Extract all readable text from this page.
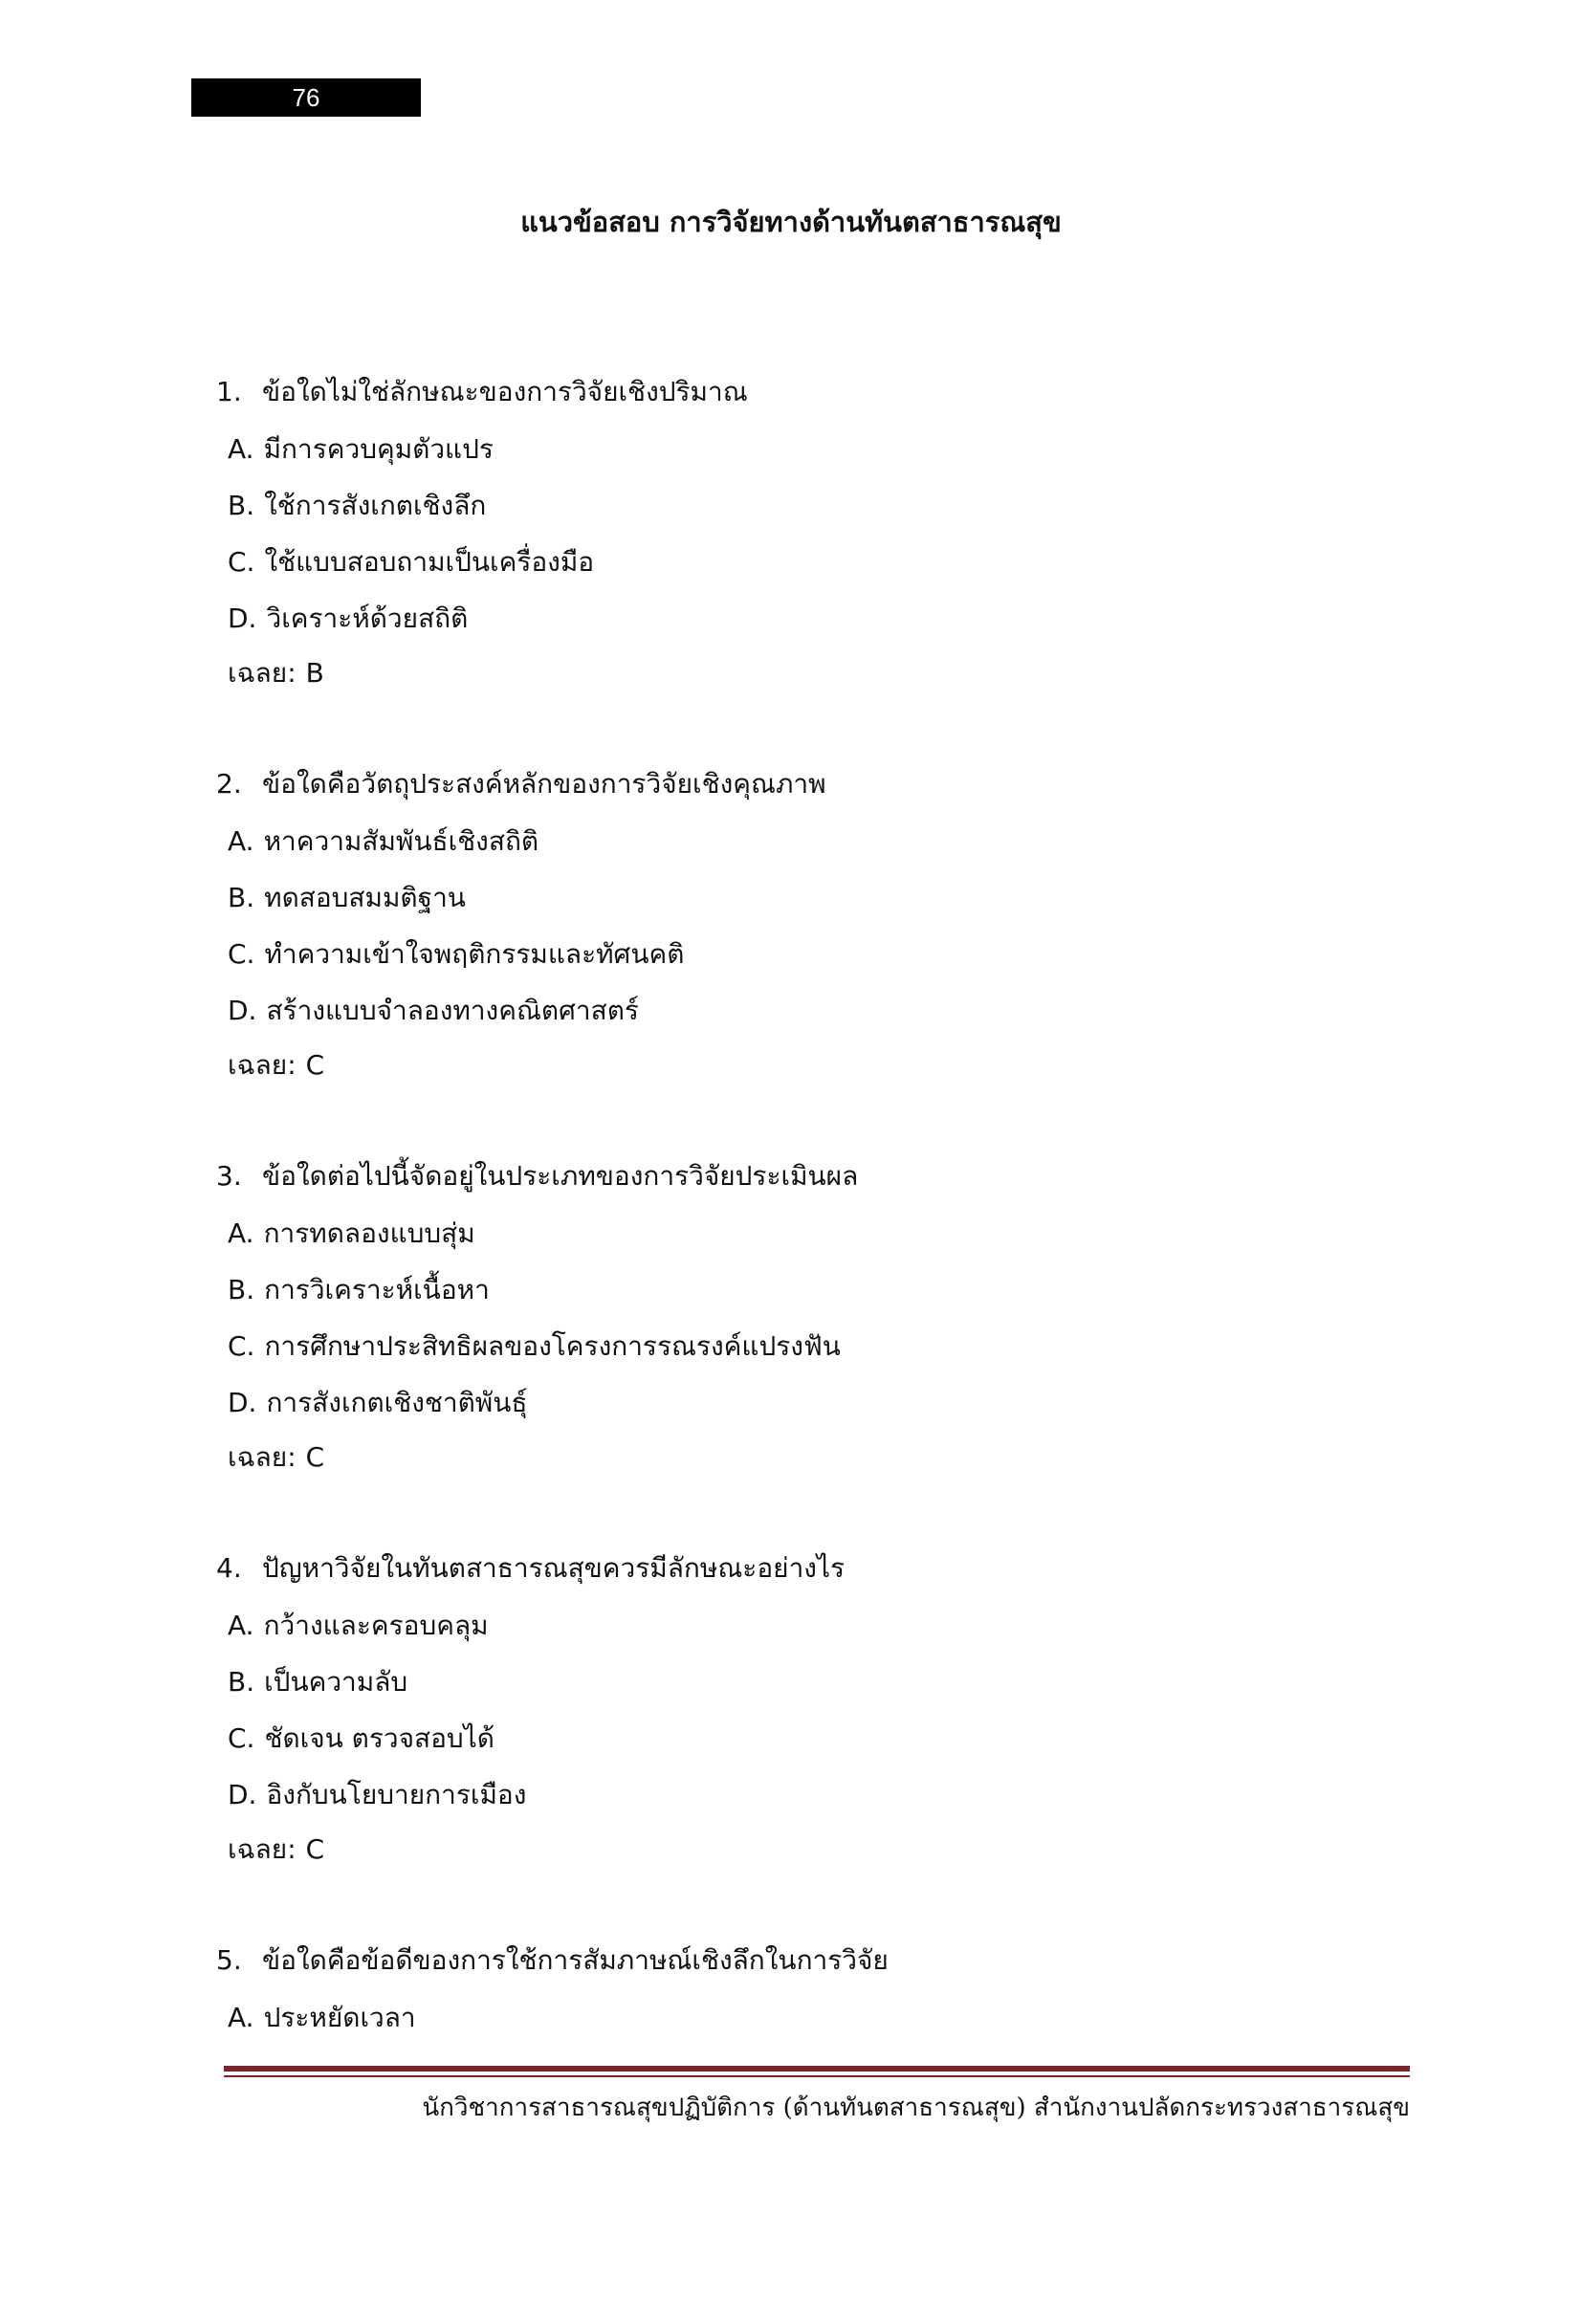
76
แนวข้อสอบ การวิจัยทางด้านทันตสาธารณสุข
1. ข้อใดไม่ใช่ลักษณะของการวิจัยเชิงปริมาณ
A. มีการควบคุมตัวแปร
B. ใช้การสังเกตเชิงลึก
C. ใช้แบบสอบถามเป็นเครื่องมือ
D. วิเคราะห์ด้วยสถิติ
เฉลย: B
2. ข้อใดคือวัตถุประสงค์หลักของการวิจัยเชิงคุณภาพ
A. หาความสัมพันธ์เชิงสถิติ
B. ทดสอบสมมติฐาน
C. ทำความเข้าใจพฤติกรรมและทัศนคติ
D. สร้างแบบจำลองทางคณิตศาสตร์
เฉลย: C
3. ข้อใดต่อไปนี้จัดอยู่ในประเภทของการวิจัยประเมินผล
A. การทดลองแบบสุ่ม
B. การวิเคราะห์เนื้อหา
C. การศึกษาประสิทธิผลของโครงการรณรงค์แปรงฟัน
D. การสังเกตเชิงชาติพันธุ์
เฉลย: C
4. ปัญหาวิจัยในทันตสาธารณสุขควรมีลักษณะอย่างไร
A. กว้างและครอบคลุม
B. เป็นความลับ
C. ชัดเจน ตรวจสอบได้
D. อิงกับนโยบายการเมือง
เฉลย: C
5. ข้อใดคือข้อดีของการใช้การสัมภาษณ์เชิงลึกในการวิจัย
A. ประหยัดเวลา
นักวิชาการสาธารณสุขปฏิบัติการ (ด้านทันตสาธารณสุข) สำนักงานปลัดกระทรวงสาธารณสุข
